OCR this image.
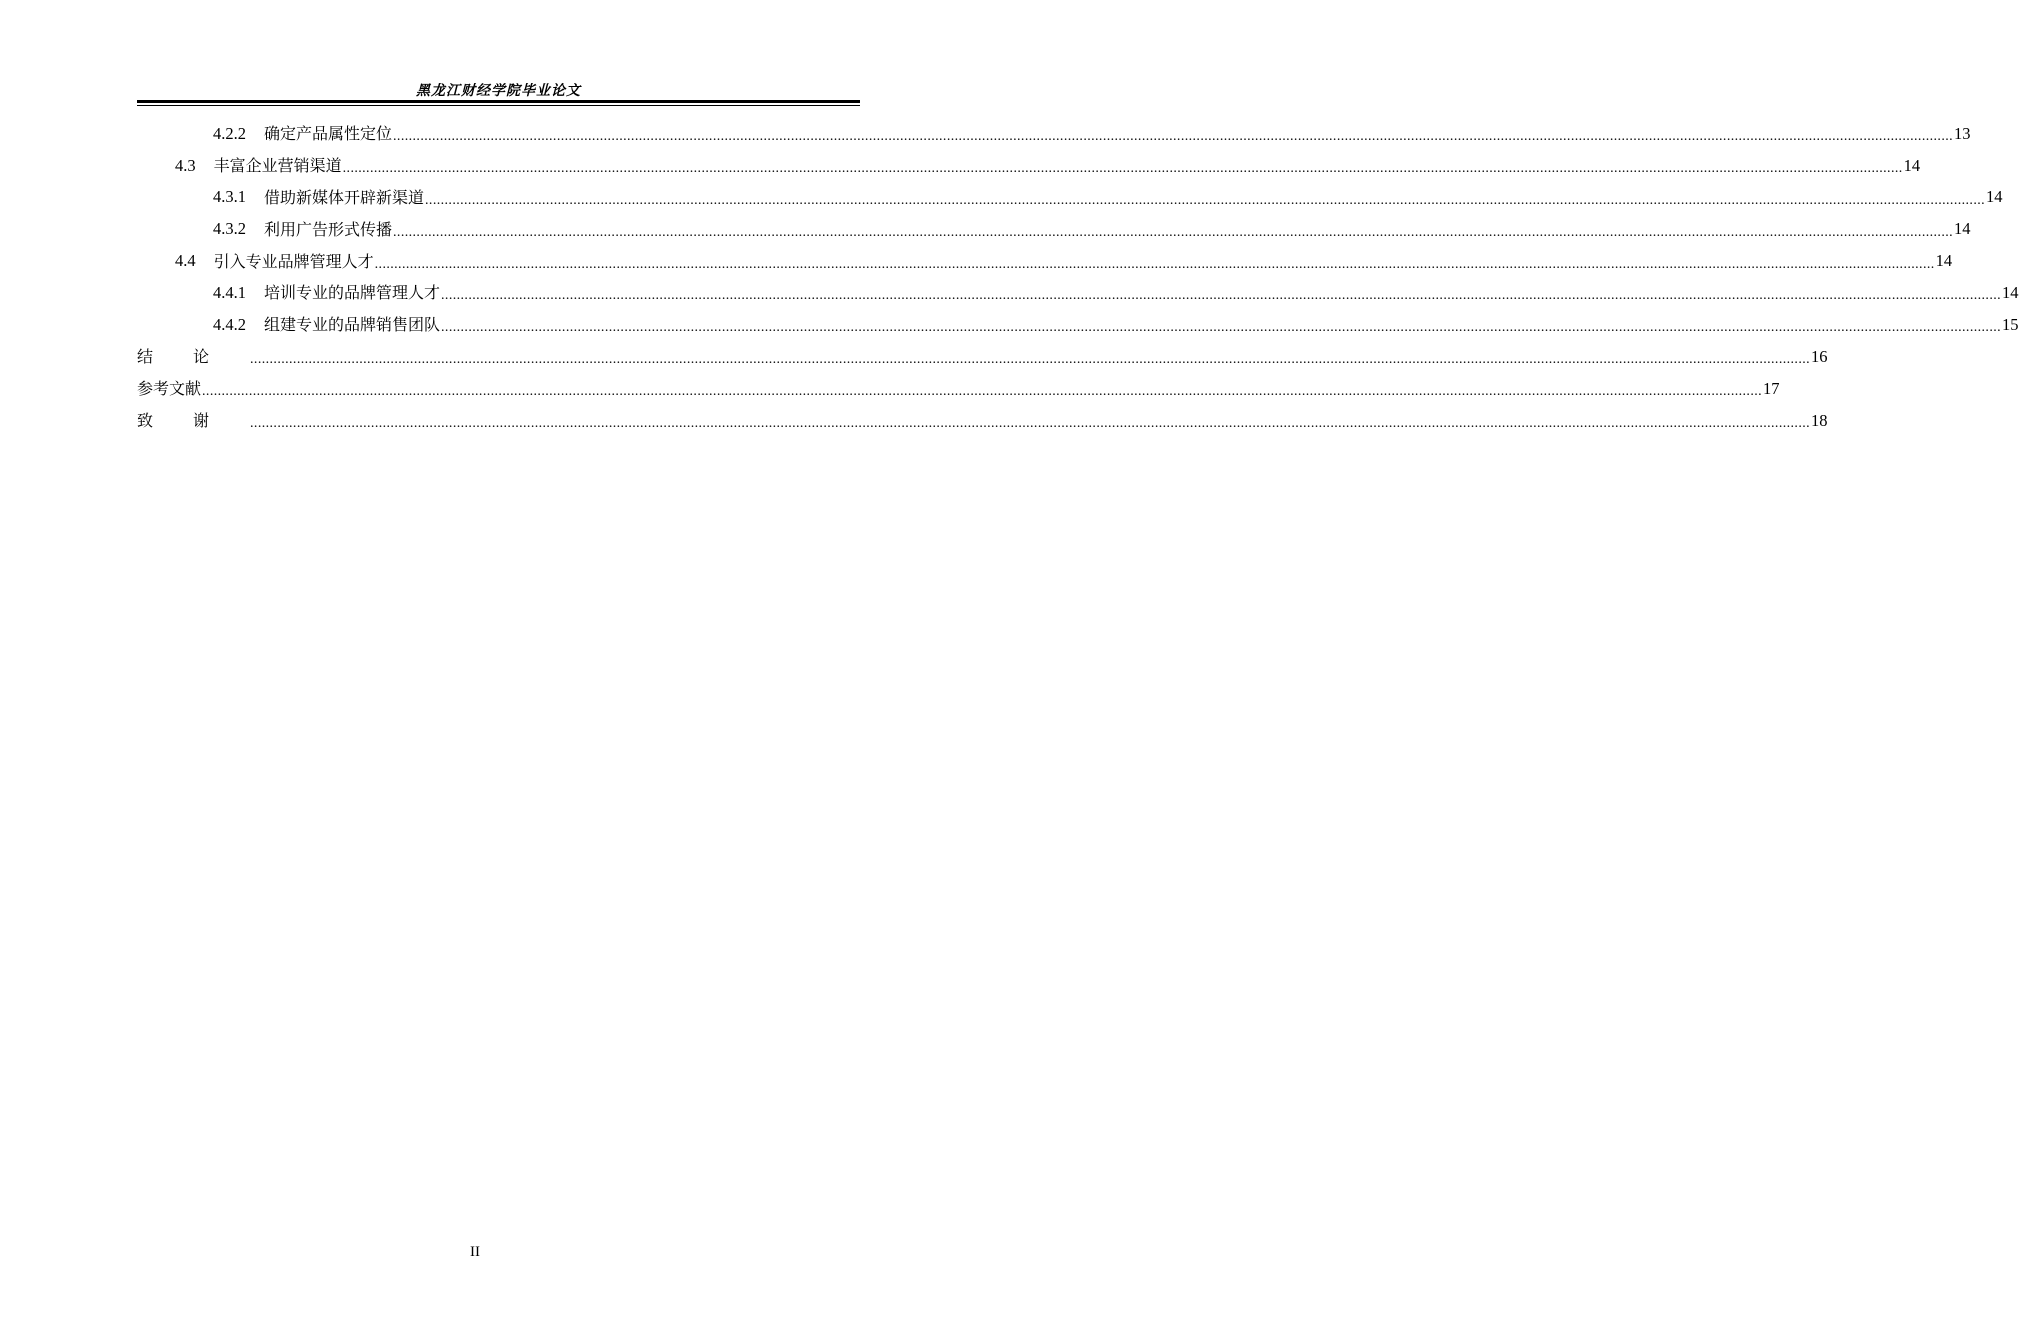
黑龙江财经学院毕业论文
4.2.2 确定产品属性定位 ................................................................................................................................................................................................................................................................................................................................................................................................................ 13
4.3 丰富企业营销渠道 ................................................................................................................................................................................................................................................................................................................................................................................................................ 14
4.3.1 借助新媒体开辟新渠道 ................................................................................................................................................................................................................................................................................................................................................................................................................ 14
4.3.2 利用广告形式传播 ................................................................................................................................................................................................................................................................................................................................................................................................................ 14
4.4 引入专业品牌管理人才 ................................................................................................................................................................................................................................................................................................................................................................................................................ 14
4.4.1 培训专业的品牌管理人才 ................................................................................................................................................................................................................................................................................................................................................................................................................ 14
4.4.2 组建专业的品牌销售团队 ................................................................................................................................................................................................................................................................................................................................................................................................................ 15
结论 ................................................................................................................................................................................................................................................................................................................................................................................................................ 16
参考文献 ................................................................................................................................................................................................................................................................................................................................................................................................................ 17
致谢 ................................................................................................................................................................................................................................................................................................................................................................................................................ 18
II
